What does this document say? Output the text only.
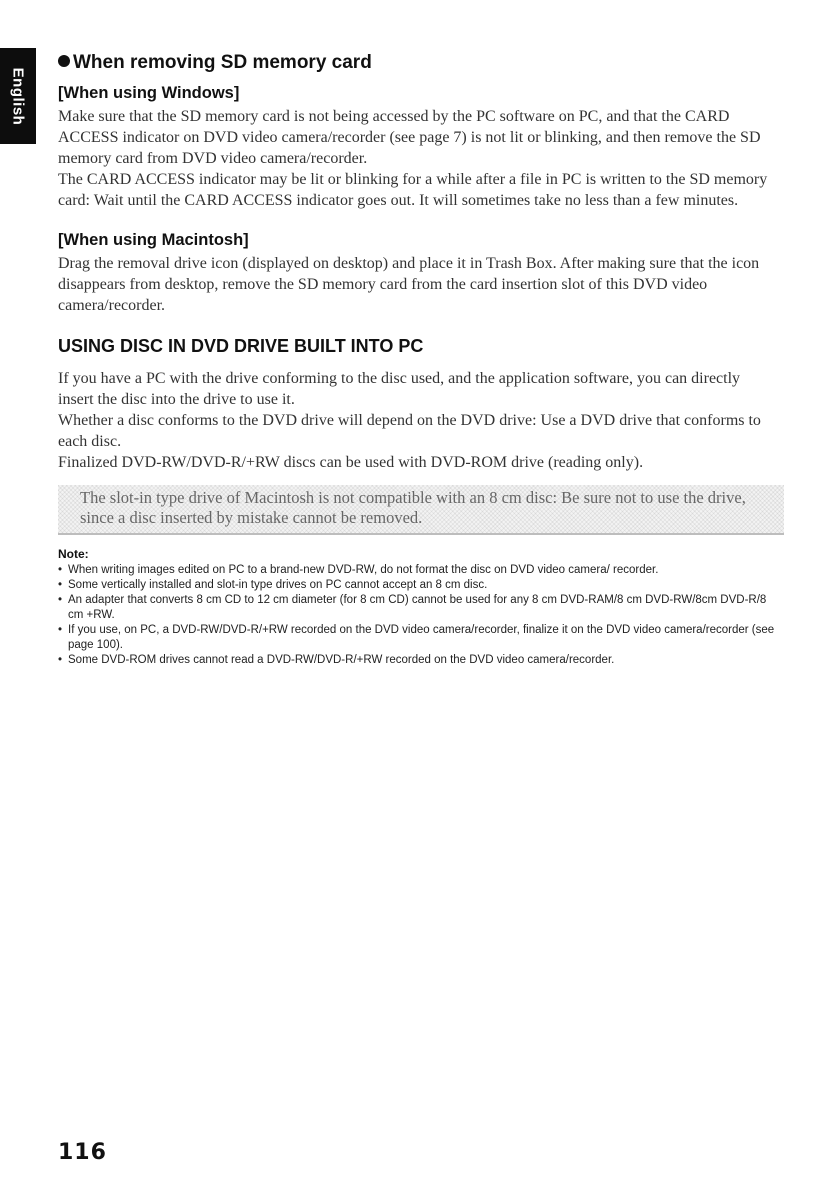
English
When removing SD memory card
[When using Windows]

Make sure that the SD memory card is not being accessed by the PC software on PC, and that the CARD ACCESS indicator on DVD video camera/recorder (see page 7) is not lit or blinking, and then remove the SD memory card from DVD video camera/recorder.

The CARD ACCESS indicator may be lit or blinking for a while after a file in PC is written to the SD memory card: Wait until the CARD ACCESS indicator goes out. It will sometimes take no less than a few minutes.

[When using Macintosh]

Drag the removal drive icon (displayed on desktop) and place it in Trash Box. After making sure that the icon disappears from desktop, remove the SD memory card from the card insertion slot of this DVD video camera/recorder.

USING DISC IN DVD DRIVE BUILT INTO PC

If you have a PC with the drive conforming to the disc used, and the application software, you can directly insert the disc into the drive to use it.

Whether a disc conforms to the DVD drive will depend on the DVD drive: Use a DVD drive that conforms to each disc.

Finalized DVD-RW/DVD-R/+RW discs can be used with DVD-ROM drive (reading only).

The slot-in type drive of Macintosh is not compatible with an 8 cm disc: Be sure not to use the drive, since a disc inserted by mistake cannot be removed.

Note:
• When writing images edited on PC to a brand-new DVD-RW, do not format the disc on DVD video camera/ recorder.
• Some vertically installed and slot-in type drives on PC cannot accept an 8 cm disc.
• An adapter that converts 8 cm CD to 12 cm diameter (for 8 cm CD) cannot be used for any 8 cm DVD-RAM/8 cm DVD-RW/8cm DVD-R/8 cm +RW.
• If you use, on PC, a DVD-RW/DVD-R/+RW recorded on the DVD video camera/recorder, finalize it on the DVD video camera/recorder (see page 100).
• Some DVD-ROM drives cannot read a DVD-RW/DVD-R/+RW recorded on the DVD video camera/recorder.
116
